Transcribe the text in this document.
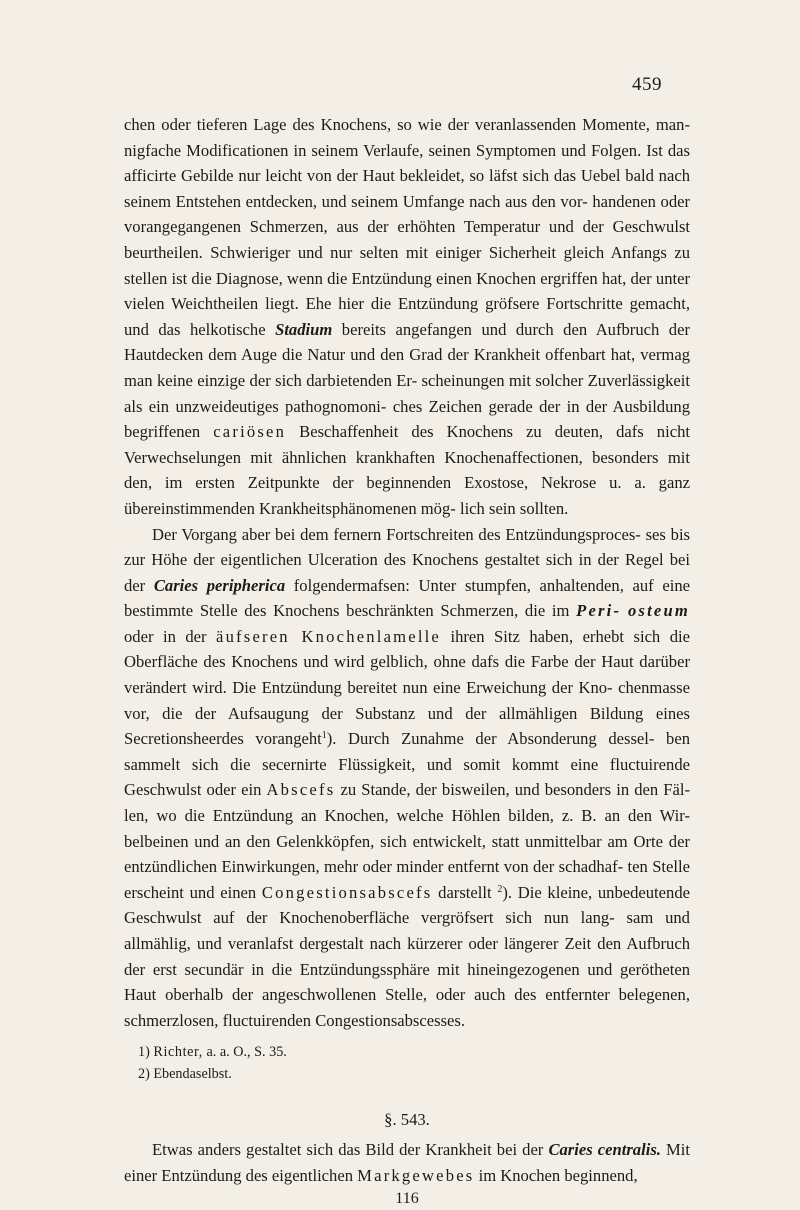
459

chen oder tieferen Lage des Knochens, so wie der veranlassenden Momente, man- nigfache Modificationen in seinem Verlaufe, seinen Symptomen und Folgen. Ist das afficirte Gebilde nur leicht von der Haut bekleidet, so läfst sich das Uebel bald nach seinem Entstehen entdecken, und seinem Umfange nach aus den vor- handenen oder vorangegangenen Schmerzen, aus der erhöhten Temperatur und der Geschwulst beurtheilen. Schwieriger und nur selten mit einiger Sicherheit gleich Anfangs zu stellen ist die Diagnose, wenn die Entzündung einen Knochen ergriffen hat, der unter vielen Weichtheilen liegt. Ehe hier die Entzündung gröfsere Fortschritte gemacht, und das helkotische Stadium bereits angefangen und durch den Aufbruch der Hautdecken dem Auge die Natur und den Grad der Krankheit offenbart hat, vermag man keine einzige der sich darbietenden Er- scheinungen mit solcher Zuverlässigkeit als ein unzweideutiges pathognomoni- ches Zeichen gerade der in der Ausbildung begriffenen cariösen Beschaffenheit des Knochens zu deuten, dafs nicht Verwechselungen mit ähnlichen krankhaften Knochenaffectionen, besonders mit den, im ersten Zeitpunkte der beginnenden Exostose, Nekrose u. a. ganz übereinstimmenden Krankheitsphänomenen mög- lich sein sollten.

Der Vorgang aber bei dem fernern Fortschreiten des Entzündungsproces- ses bis zur Höhe der eigentlichen Ulceration des Knochens gestaltet sich in der Regel bei der Caries peripherica folgendermafsen: Unter stumpfen, anhaltenden, auf eine bestimmte Stelle des Knochens beschränkten Schmerzen, die im Peri- osteum oder in der äufseren Knochenlamelle ihren Sitz haben, erhebt sich die Oberfläche des Knochens und wird gelblich, ohne dafs die Farbe der Haut darüber verändert wird. Die Entzündung bereitet nun eine Erweichung der Kno- chenmasse vor, die der Aufsaugung der Substanz und der allmähligen Bildung eines Secretionsheerdes vorangeht$^1$). Durch Zunahme der Absonderung dessel- ben sammelt sich die secernirte Flüssigkeit, und somit kommt eine fluctuirende Geschwulst oder ein Abscefs zu Stande, der bisweilen, und besonders in den Fäl- len, wo die Entzündung an Knochen, welche Höhlen bilden, z. B. an den Wir- belbeinen und an den Gelenkköpfen, sich entwickelt, statt unmittelbar am Orte der entzündlichen Einwirkungen, mehr oder minder entfernt von der schadhaf- ten Stelle erscheint und einen Congestionsabscefs darstellt $^2$). Die kleine, unbedeutende Geschwulst auf der Knochenoberfläche vergröfsert sich nun lang- sam und allmählig, und veranlafst dergestalt nach kürzerer oder längerer Zeit den Aufbruch der erst secundär in die Entzündungssphäre mit hineingezogenen und gerötheten Haut oberhalb der angeschwollenen Stelle, oder auch des entfernter belegenen, schmerzlosen, fluctuirenden Congestionsabscesses.

1) Richter, a. a. O., S. 35.

2) Ebendaselbst.

§. 543.

Etwas anders gestaltet sich das Bild der Krankheit bei der Caries centralis. Mit einer Entzündung des eigentlichen Markgewebes im Knochen beginnend,

116
